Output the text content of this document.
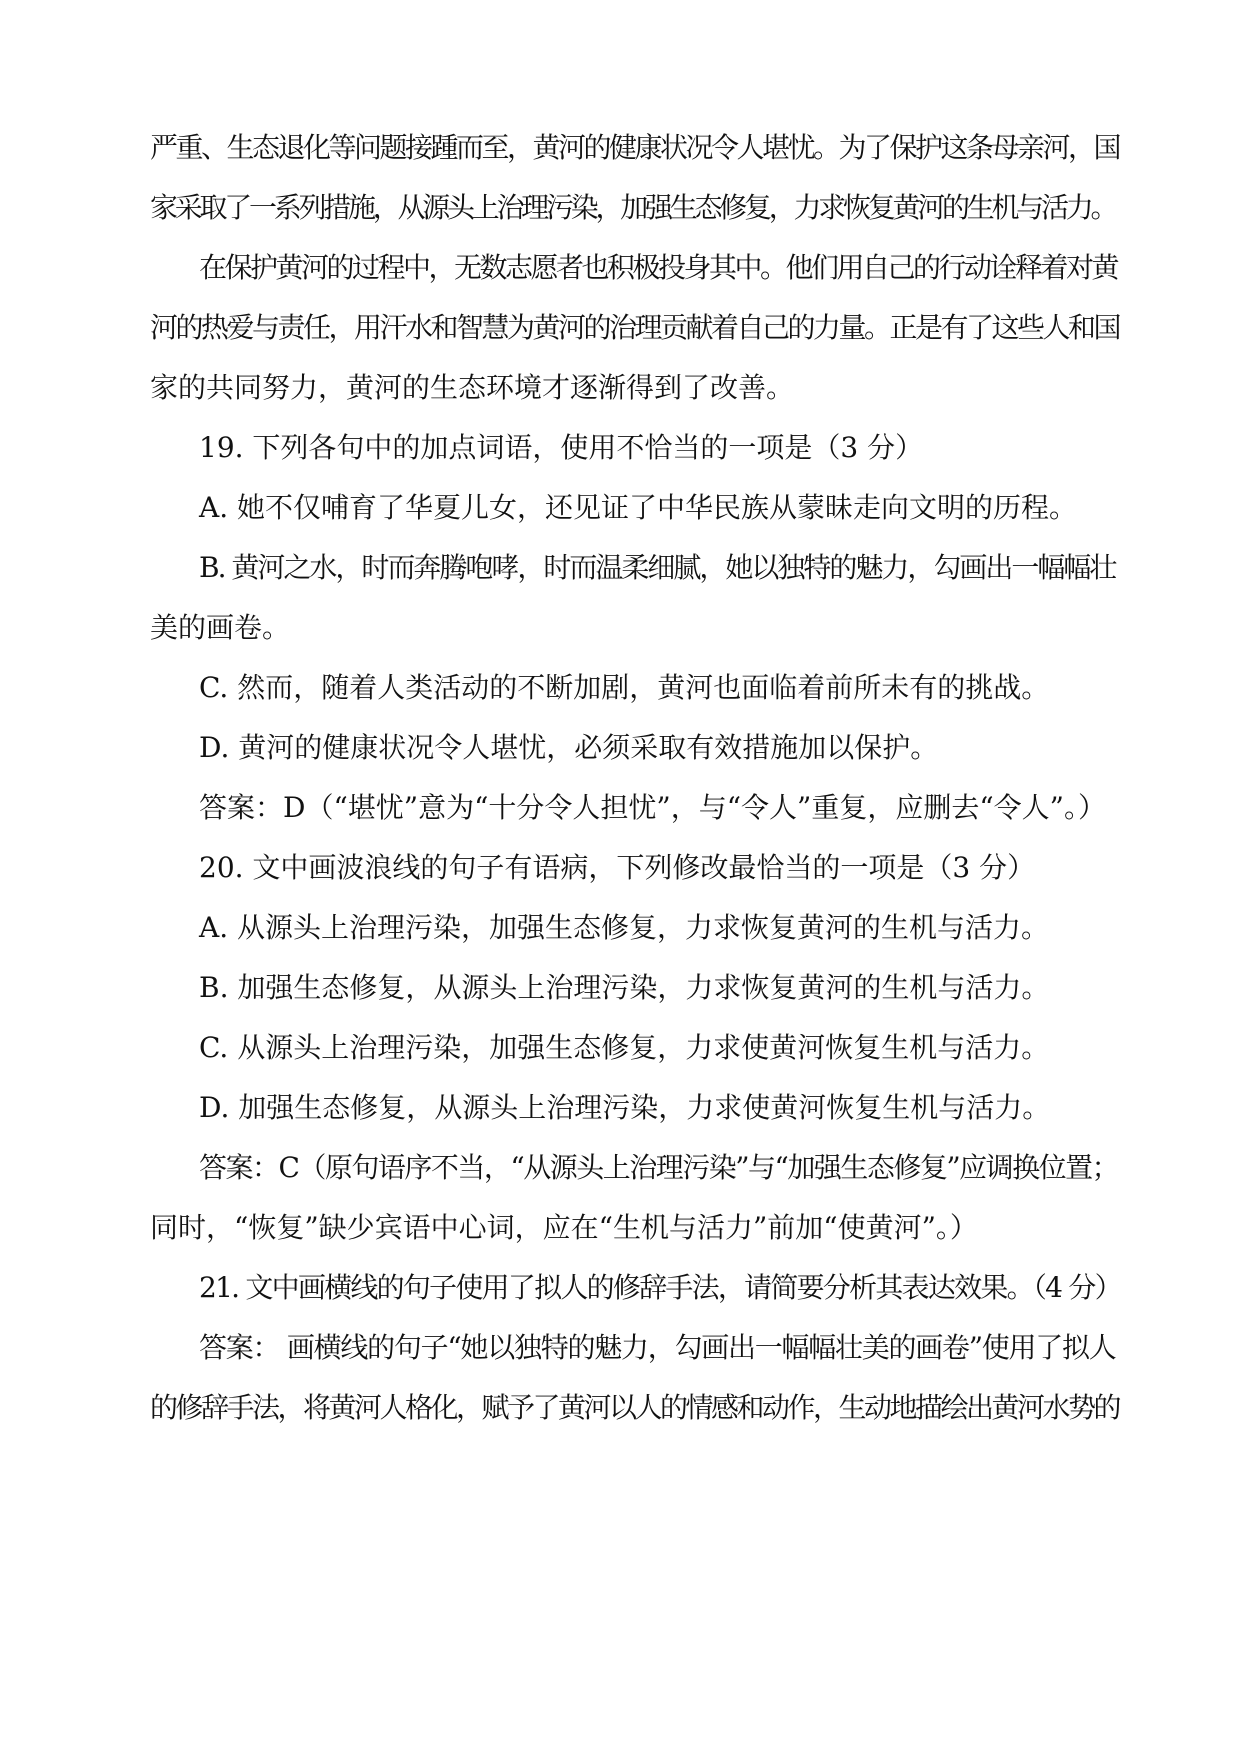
严重、生态退化等问题接踵而至，黄河的健康状况令人堪忧。为了保护这条母亲河，国
家采取了一系列措施，从源头上治理污染，加强生态修复，力求恢复黄河的生机与活力。
在保护黄河的过程中，无数志愿者也积极投身其中。他们用自己的行动诠释着对黄
河的热爱与责任，用汗水和智慧为黄河的治理贡献着自己的力量。正是有了这些人和国
家的共同努力，黄河的生态环境才逐渐得到了改善。
19. 下列各句中的加点词语，使用不恰当的一项是（3 分）
A. 她不仅哺育了华夏儿女，还见证了中华民族从蒙昧走向文明的历程。
B. 黄河之水，时而奔腾咆哮，时而温柔细腻，她以独特的魅力，勾画出一幅幅壮
美的画卷。
C. 然而，随着人类活动的不断加剧，黄河也面临着前所未有的挑战。
D. 黄河的健康状况令人堪忧，必须采取有效措施加以保护。
答案：D（“堪忧”意为“十分令人担忧”，与“令人”重复，应删去“令人”。）
20. 文中画波浪线的句子有语病，下列修改最恰当的一项是（3 分）
A. 从源头上治理污染，加强生态修复，力求恢复黄河的生机与活力。
B. 加强生态修复，从源头上治理污染，力求恢复黄河的生机与活力。
C. 从源头上治理污染，加强生态修复，力求使黄河恢复生机与活力。
D. 加强生态修复，从源头上治理污染，力求使黄河恢复生机与活力。
答案：C（原句语序不当，“从源头上治理污染”与“加强生态修复”应调换位置；
同时，“恢复”缺少宾语中心词，应在“生机与活力”前加“使黄河”。）
21. 文中画横线的句子使用了拟人的修辞手法，请简要分析其表达效果。（4 分）
答案： 画横线的句子“她以独特的魅力，勾画出一幅幅壮美的画卷”使用了拟人
的修辞手法，将黄河人格化，赋予了黄河以人的情感和动作，生动地描绘出黄河水势的
